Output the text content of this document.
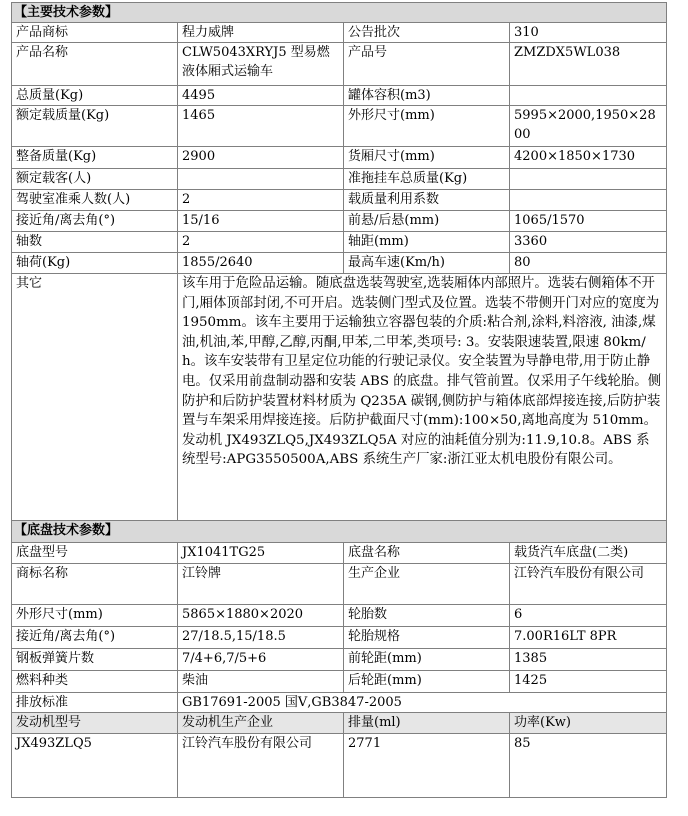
【主要技术参数】			
产品商标	程力威牌	公告批次	310
产品名称	CLW5043XRYJ5 型易燃液体厢式运输车	产品号	ZMZDX5WL038
总质量(Kg)	4495	罐体容积(m3)	
额定载质量(Kg)	1465	外形尺寸(mm)	5995×2000,1950×2800
整备质量(Kg)	2900	货厢尺寸(mm)	4200×1850×1730
额定载客(人)		准拖挂车总质量(Kg)	
驾驶室准乘人数(人)	2	载质量利用系数	
接近角/离去角(°)	15/16	前悬/后悬(mm)	1065/1570
轴数	2	轴距(mm)	3360
轴荷(Kg)	1855/2640	最高车速(Km/h)	80
其它	该车用于危险品运输。随底盘选装驾驶室,选装厢体内部照片。选装右侧箱体不开门,厢体顶部封闭,不可开启。选装侧门型式及位置。选装不带侧开门对应的宽度为 1950mm。该车主要用于运输独立容器包装的介质:粘合剂,涂料,料溶液, 油漆,煤油,机油,苯,甲醇,乙醇,丙酮,甲苯,二甲苯,类项号: 3。安装限速装置,限速 80km/h。该车安装带有卫星定位功能的行驶记录仪。安全装置为导静电带,用于防止静电。仅采用前盘制动器和安装 ABS 的底盘。排气管前置。仅采用子午线轮胎。侧防护和后防护装置材料材质为 Q235A 碳钢,侧防护与箱体底部焊接连接,后防护装置与车架采用焊接连接。后防护截面尺寸(mm):100×50,离地高度为 510mm。发动机 JX493ZLQ5,JX493ZLQ5A 对应的油耗值分别为:11.9,10.8。ABS 系统型号:APG3550500A,ABS 系统生产厂家:浙江亚太机电股份有限公司。		
【底盘技术参数】			
底盘型号	JX1041TG25	底盘名称	载货汽车底盘(二类)
商标名称	江铃牌	生产企业	江铃汽车股份有限公司
外形尺寸(mm)	5865×1880×2020	轮胎数	6
接近角/离去角(°)	27/18.5,15/18.5	轮胎规格	7.00R16LT 8PR
钢板弹簧片数	7/4+6,7/5+6	前轮距(mm)	1385
燃料种类	柴油	后轮距(mm)	1425
排放标准	GB17691-2005 国Ⅴ,GB3847-2005		
发动机型号	发动机生产企业	排量(ml)	功率(Kw)
JX493ZLQ5	江铃汽车股份有限公司	2771	85
